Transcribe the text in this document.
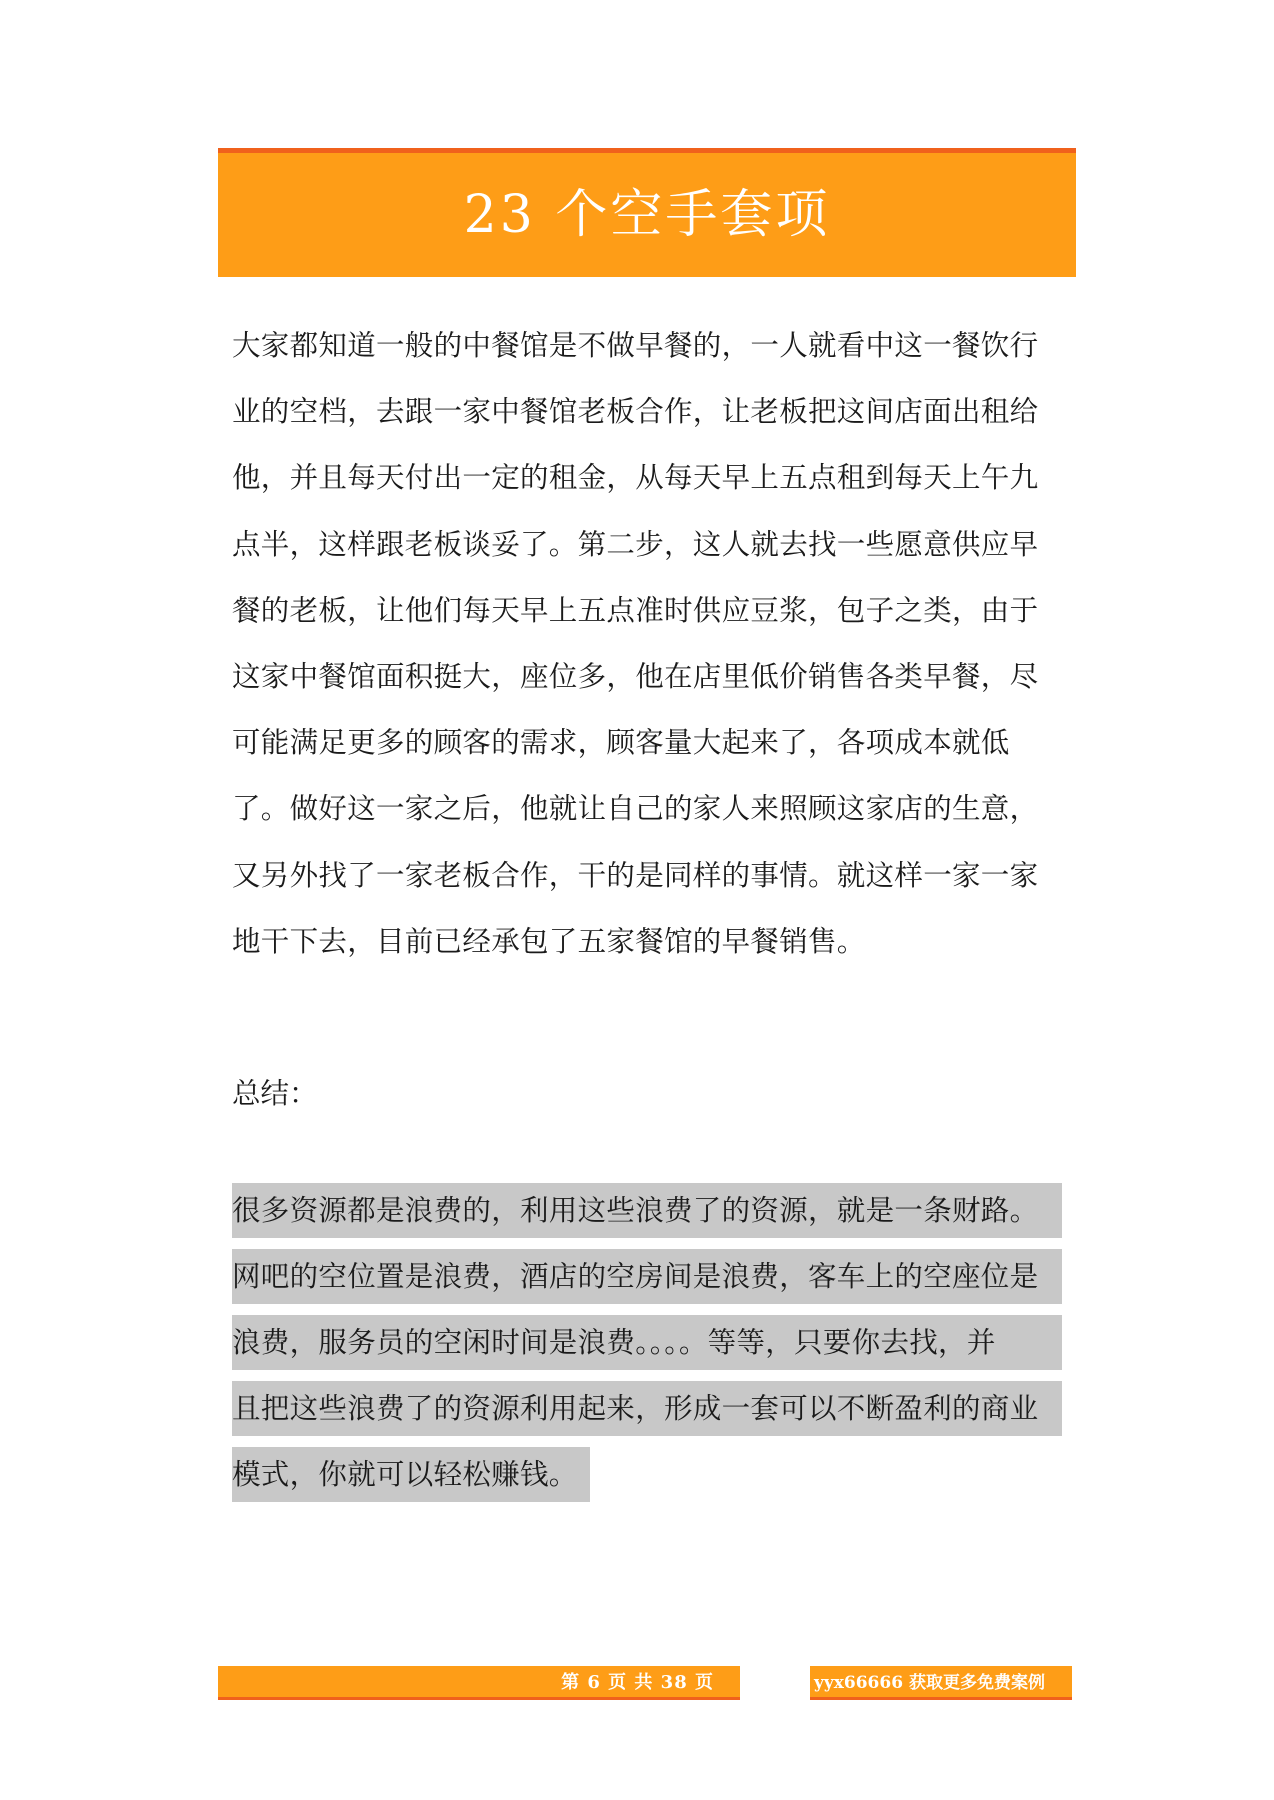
23 个空手套项

大家都知道一般的中餐馆是不做早餐的，一人就看中这一餐饮行业的空档，去跟一家中餐馆老板合作，让老板把这间店面出租给他，并且每天付出一定的租金，从每天早上五点租到每天上午九点半，这样跟老板谈妥了。第二步，这人就去找一些愿意供应早餐的老板，让他们每天早上五点准时供应豆浆，包子之类，由于这家中餐馆面积挺大，座位多，他在店里低价销售各类早餐，尽可能满足更多的顾客的需求，顾客量大起来了，各项成本就低了。做好这一家之后，他就让自己的家人来照顾这家店的生意，又另外找了一家老板合作，干的是同样的事情。就这样一家一家地干下去，目前已经承包了五家餐馆的早餐销售。

总结：

很多资源都是浪费的，利用这些浪费了的资源，就是一条财路。
网吧的空位置是浪费，酒店的空房间是浪费，客车上的空座位是
浪费，服务员的空闲时间是浪费。。。。等等，只要你去找，并
且把这些浪费了的资源利用起来，形成一套可以不断盈利的商业
模式，你就可以轻松赚钱。
第 6 页 共 38 页	yyx66666 获取更多免费案例
